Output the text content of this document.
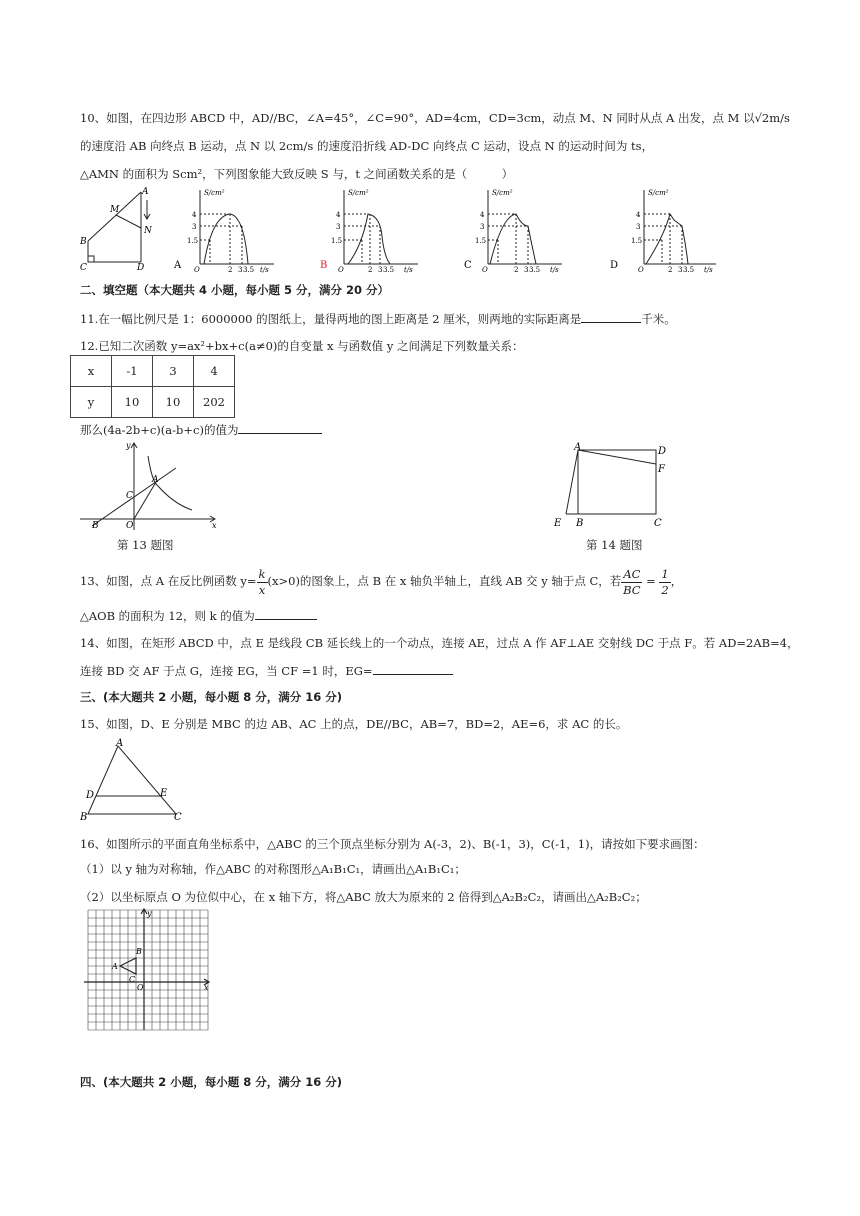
10、如图，在四边形 ABCD 中，AD//BC，∠A=45°，∠C=90°，AD=4cm，CD=3cm，动点 M、N 同时从点 A 出发，点 M 以√2m/s
的速度沿 AB 向终点 B 运动，点 N 以 2cm/s 的速度沿折线 AD-DC 向终点 C 运动，设点 N 的运动时间为 ts，
△AMN 的面积为 Scm²，下列图象能大致反映 S 与，t 之间函数关系的是（　　　）
A
M
N
B
C	D	A
S/cm²
4
3
1.5
O	2 3 3.5 t/s	B
S/cm²
4
3
1.5
O	2 3 3.5 t/s	C
S/cm²
4
3
1.5
O	2 3 3.5 t/s	D
S/cm²
4
3
1.5
O	2 3 3.5 t/s
二、填空题（本大题共 4 小题，每小题 5 分，满分 20 分）
11.在一幅比例尺是 1：6000000 的图纸上，量得两地的图上距离是 2 厘米，则两地的实际距离是	千米。
12.已知二次函数 y=ax²+bx+c(a≠0)的自变量 x 与函数值 y 之间满足下列数量关系：
x	-1	3	4
y	10	10	202
那么(4a-2b+c)(a-b+c)的值为
y
x
A
B
C
O
第 13 题图
A	D
F
E B	C
第 14 题图
13、如图，点 A 在反比例函数 $y= \frac{k}{x} (x>0)$的图象上，点 B 在 x 轴负半轴上，直线 AB 交 y 轴于点 C，若 $\frac{AC}{BC} = \frac{1}{2}$ ，
△AOB 的面积为 12，则 k 的值为
14、如图，在矩形 ABCD 中，点 E 是线段 CB 延长线上的一个动点，连接 AE，过点 A 作 AF⊥AE 交射线 DC 于点 F。若 AD=2AB=4，
连接 BD 交 AF 于点 G，连接 EG，当 CF =1 时，EG=
三、(本大题共 2 小题，每小题 8 分，满分 16 分)
15、如图，D、E 分别是 MBC 的边 AB、AC 上的点，DE//BC，AB=7，BD=2，AE=6，求 AC 的长。
A
D	E
B	C
16、如图所示的平面直角坐标系中，△ABC 的三个顶点坐标分别为 A(-3，2)、B(-1，3)，C(-1，1)，请按如下要求画图：
（1）以 y 轴为对称轴，作△ABC 的对称图形△A₁B₁C₁，请画出△A₁B₁C₁；
（2）以坐标原点 O 为位似中心，在 x 轴下方，将△ABC 放大为原来的 2 倍得到△A₂B₂C₂，请画出△A₂B₂C₂；
y
x
O
A
B
C
四、(本大题共 2 小题，每小题 8 分，满分 16 分)
